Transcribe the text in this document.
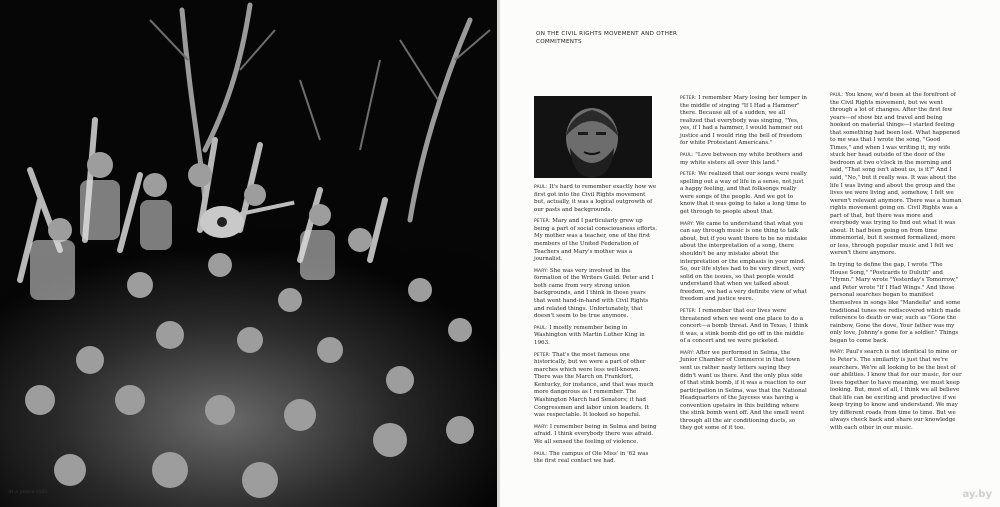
ON THE CIVIL RIGHTS MOVEMENT AND OTHER COMMITMENTS

PAUL: It's hard to remember exactly how we first got into the Civil Rights movement but, actually, it was a logical outgrowth of our pasts and backgrounds.

PETER: Mary and I particularly grew up being a part of social consciousness efforts. My mother was a teacher, one of the first members of the United Federation of Teachers and Mary's mother was a journalist.

MARY: She was very involved in the formation of the Writers Guild. Peter and I both came from very strong union backgrounds, and I think in those years that went hand-in-hand with Civil Rights and related things. Unfortunately, that doesn't seem to be true anymore.

PAUL: I mostly remember being in Washington with Martin Luther King in 1963.

PETER: That's the most famous one historically, but we were a part of other marches which were less well-known. There was the March on Frankfort, Kentucky, for instance, and that was much more dangerous as I remember. The Washington March had Senators; it had Congressmen and labor union leaders. It was respectable. It looked so hopeful.

MARY: I remember being in Selma and being afraid. I think everybody there was afraid. We all sensed the feeling of violence.

PAUL: The campus of Ole Miss' in '62 was the first real contact we had.

PETER: I remember Mary losing her temper in the middle of singing "If I Had a Hammer" there. Because all of a sudden, we all realized that everybody was singing, "Yes, yes, if I had a hammer, I would hammer out justice and I would ring the bell of freedom for white Protestant Americans."

PAUL: "Love between my white brothers and my white sisters all over this land."

PETER: We realized that our songs were really spelling out a way of life in a sense, not just a happy feeling, and that folksongs really were songs of the people. And we got to know that it was going to take a long time to get through to people about that.

MARY: We came to understand that what you can say through music is one thing to talk about, but if you want there to be no mistake about the interpretation of a song, there shouldn't be any mistake about the interpretation or the emphasis in your mind. So, our life styles had to be very direct, very solid on the issues, so that people would understand that when we talked about freedom, we had a very definite view of what freedom and justice were.

PETER: I remember that our lives were threatened when we went one place to do a concert—a bomb threat. And in Texas, I think it was, a stink bomb did go off in the middle of a concert and we were picketed.

MARY: After we performed in Selma, the Junior Chamber of Commerce in that town sent us rather nasty letters saying they didn't want us there. And the only plus side of that stink bomb, if it was a reaction to our participation in Selma, was that the National Headquarters of the Jaycees was having a convention upstairs in this building where the stink bomb went off. And the smell went through all the air conditioning ducts, so they got some of it too.

PAUL: You know, we'd been at the forefront of the Civil Rights movement, but we went through a lot of changes. After the first few years—of show biz and travel and being hooked on material things—I started feeling that something had been lost. What happened to me was that I wrote the song, "Good Times," and when I was writing it, my wife stuck her head outside of the door of the bedroom at two o'clock in the morning and said, "That song isn't about us, is it?" And I said, "No," but it really was. It was about the life I was living and about the group and the lives we were living and, somehow, I felt we weren't relevant anymore. There was a human rights movement going on. Civil Rights was a part of that, but there was more and everybody was trying to find out what it was about. It had been going on from time immemorial, but it seemed formalized, more or less, through popular music and I felt we weren't there anymore.

In trying to define the gap, I wrote "The House Song," "Postcards to Duluth" and "Hymn." Mary wrote "Yesterday's Tomorrow," and Peter wrote "If I Had Wings." And those personal searches began to manifest themselves in songs like "Mandella" and some traditional tunes we rediscovered which made reference to death or war, such as "Gone the rainbow, Gone the dove, Your father was my only love, Johnny's gone for a soldier." Things began to come back.

MARY: Paul's search is not identical to mine or to Peter's. The similarity is just that we're searchers. We're all looking to be the best of our abilities. I know that for our music, for our lives together to have meaning, we must keep looking. But, most of all, I think we all believe that life can be exciting and productive if we keep trying to know and understand. We may try different roads from time to time. But we always check back and share our knowledge with each other in our music.

At a peace rally.	ay.by
